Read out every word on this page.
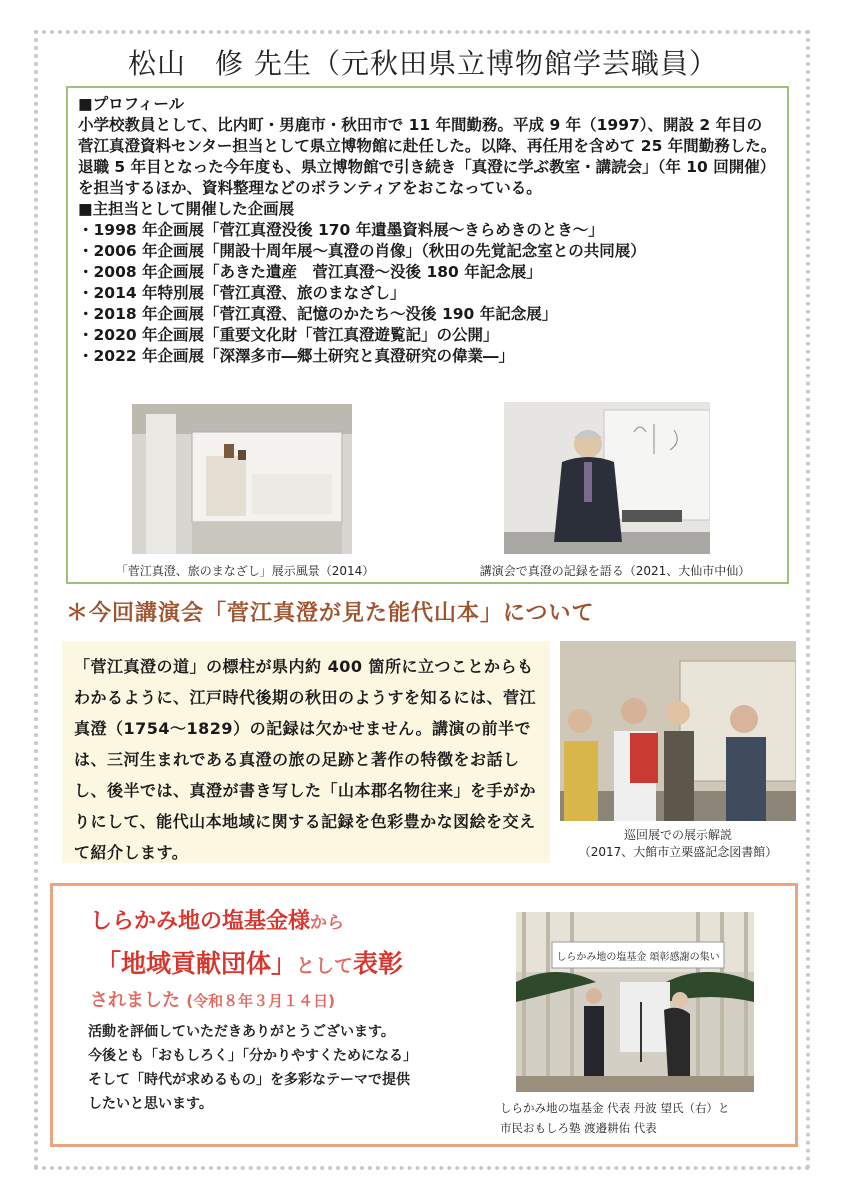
松山　修 先生（元秋田県立博物館学芸職員）

■プロフィール

小学校教員として、比内町・男鹿市・秋田市で 11 年間勤務。平成 9 年（1997）、開設 2 年目の菅江真澄資料センター担当として県立博物館に赴任した。以降、再任用を含めて 25 年間勤務した。退職 5 年目となった今年度も、県立博物館で引き続き「真澄に学ぶ教室・講読会」（年 10 回開催）を担当するほか、資料整理などのボランティアをおこなっている。

■主担当として開催した企画展

・ 1998 年企画展「菅江真澄没後 170 年遺墨資料展〜きらめきのとき〜」
・ 2006 年企画展「開設十周年展〜真澄の肖像」（秋田の先覚記念室との共同展）
・ 2008 年企画展「あきた遺産　菅江真澄〜没後 180 年記念展」
・ 2014 年特別展「菅江真澄、旅のまなざし」
・ 2018 年企画展「菅江真澄、記憶のかたち〜没後 190 年記念展」
・ 2020 年企画展「重要文化財「菅江真澄遊覧記」の公開」
・ 2022 年企画展「深澤多市―郷土研究と真澄研究の偉業―」
「菅江真澄、旅のまなざし」展示風景（2014）	講演会で真澄の記録を語る（2021、大仙市中仙）
＊今回講演会「菅江真澄が見た能代山本」について
「菅江真澄の道」の標柱が県内約 400 箇所に立つことからもわかるように、江戸時代後期の秋田のようすを知るには、菅江真澄（1754〜1829）の記録は欠かせません。講演の前半では、三河生まれである真澄の旅の足跡と著作の特徴をお話しし、後半では、真澄が書き写した「山本郡名物往来」を手がかりにして、能代山本地域に関する記録を色彩豊かな図絵を交えて紹介します。
巡回展での展示解説
（2017、大館市立栗盛記念図書館）
しらかみ地の塩基金様から
「地域貢献団体」として表彰
されました (令和８年３月１４日)

活動を評価していただきありがとうございます。

今後とも「おもしろく」「分かりやすくためになる」

そして「時代が求めるもの」を多彩なテーマで提供

したいと思います。

しらかみ地の塩基金 頌彰感謝の集い
しらかみ地の塩基金 代表 丹波 望氏（右）と
市民おもしろ塾 渡邉耕佑 代表
